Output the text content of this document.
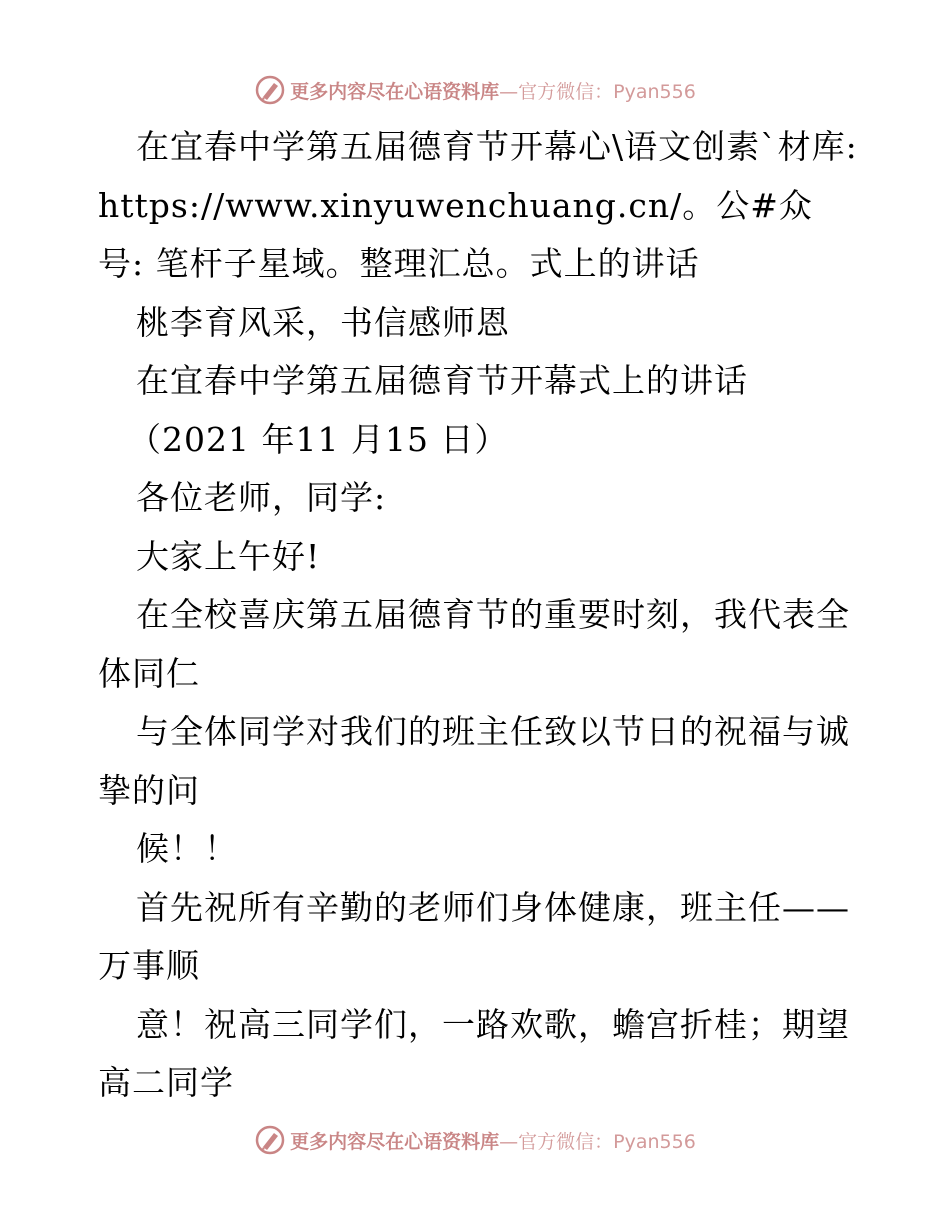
更多内容尽在心语资料库 —官方微信：Pyan556

在宜春中学第五届德育节开幕心\语文创素`材库: https://www.xinyuwenchuang.cn/。公#众号: 笔杆子星域。整理汇总。式上的讲话

桃李育风采，书信感师恩

在宜春中学第五届德育节开幕式上的讲话

（2021 年11 月15 日）

各位老师，同学:

大家上午好!

在全校喜庆第五届德育节的重要时刻，我代表全体同仁

与全体同学对我们的班主任致以节日的祝福与诚挚的问

候！！

首先祝所有辛勤的老师们身体健康，班主任——万事顺

意！祝高三同学们，一路欢歌，蟾宫折桂；期望高二同学

更多内容尽在心语资料库 —官方微信：Pyan556
